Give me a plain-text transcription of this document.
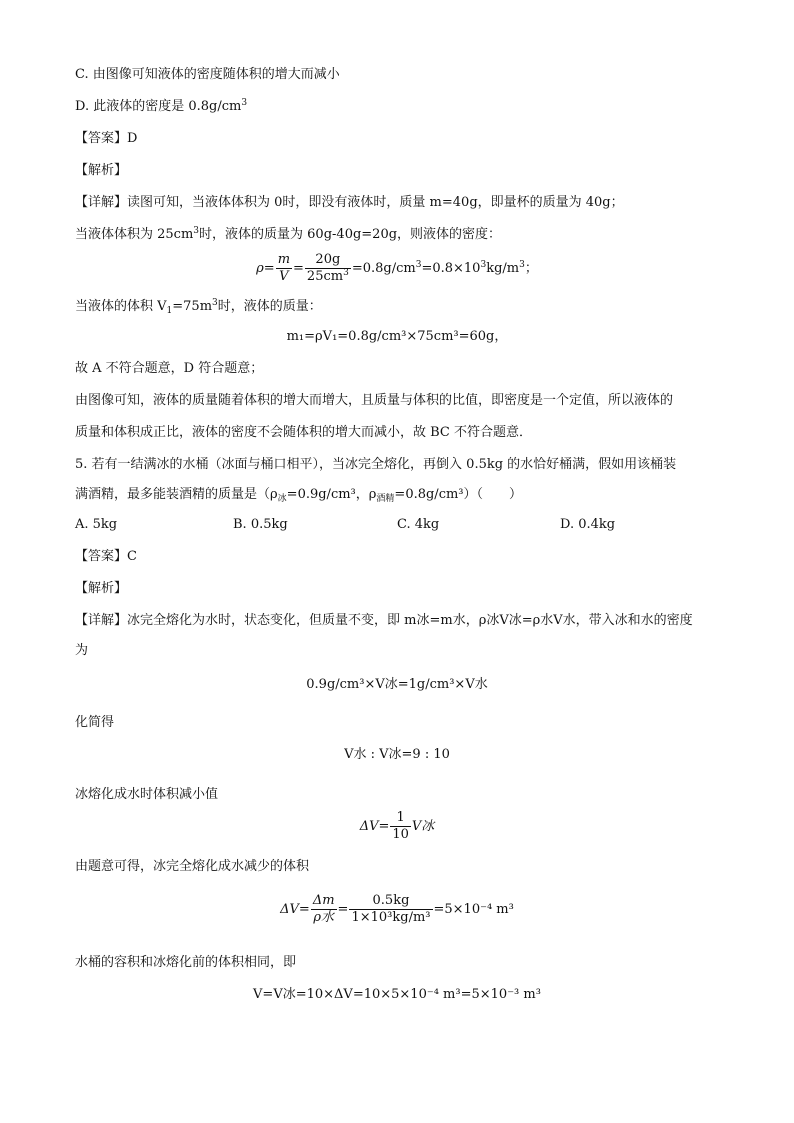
C. 由图像可知液体的密度随体积的增大而减小
D. 此液体的密度是 $0.8g/cm^3$
【答案】D
【解析】
【详解】读图可知，当液体体积为 0时，即没有液体时，质量 m=40g，即量杯的质量为 40g；
当液体体积为 $25cm^3$时，液体的质量为 60g-40g=20g，则液体的密度：
$\rho= \frac{m}{V} = \frac{20g}{25cm^3} =0.8g/cm^3=0.8\times 10^3kg/m^3$；
当液体的体积 $V_1=75m^3$时，液体的质量：
m₁=ρV₁=0.8g/cm³×75cm³=60g，
故 A 不符合题意，D 符合题意；
由图像可知，液体的质量随着体积的增大而增大，且质量与体积的比值，即密度是一个定值，所以液体的
质量和体积成正比，液体的密度不会随体积的增大而减小，故 BC 不符合题意．
5. 若有一结满冰的水桶（冰面与桶口相平），当冰完全熔化，再倒入 0.5kg 的水恰好桶满，假如用该桶装
满酒精，最多能装酒精的质量是（$\rho_冰=0.9g$/cm³，$\rho_{酒精}=0.8g/cm^3$）（　　）
A. 5kg	B. 0.5kg	C. 4kg	D. 0.4kg
【答案】C
【解析】
【详解】冰完全熔化为水时，状态变化，但质量不变，即 m冰=m水，ρ冰V冰=ρ水V水，带入冰和水的密度
为
0.9g/cm³×V冰=1g/cm³×V水
化简得
V水 : V冰=9 : 10
冰熔化成水时体积减小值
$\Delta V= \frac{1}{10}$ V冰
由题意可得，冰完全熔化成水减少的体积
$\Delta V= \frac{\Delta m}{\text{ρ水}} = \frac{0.5kg}{\text{1×10³kg/m³}} =5\times 10^{-4}$ m³
水桶的容积和冰熔化前的体积相同，即
V=V冰=10×ΔV=10×5×10⁻⁴ m³=5×10⁻³ m³
